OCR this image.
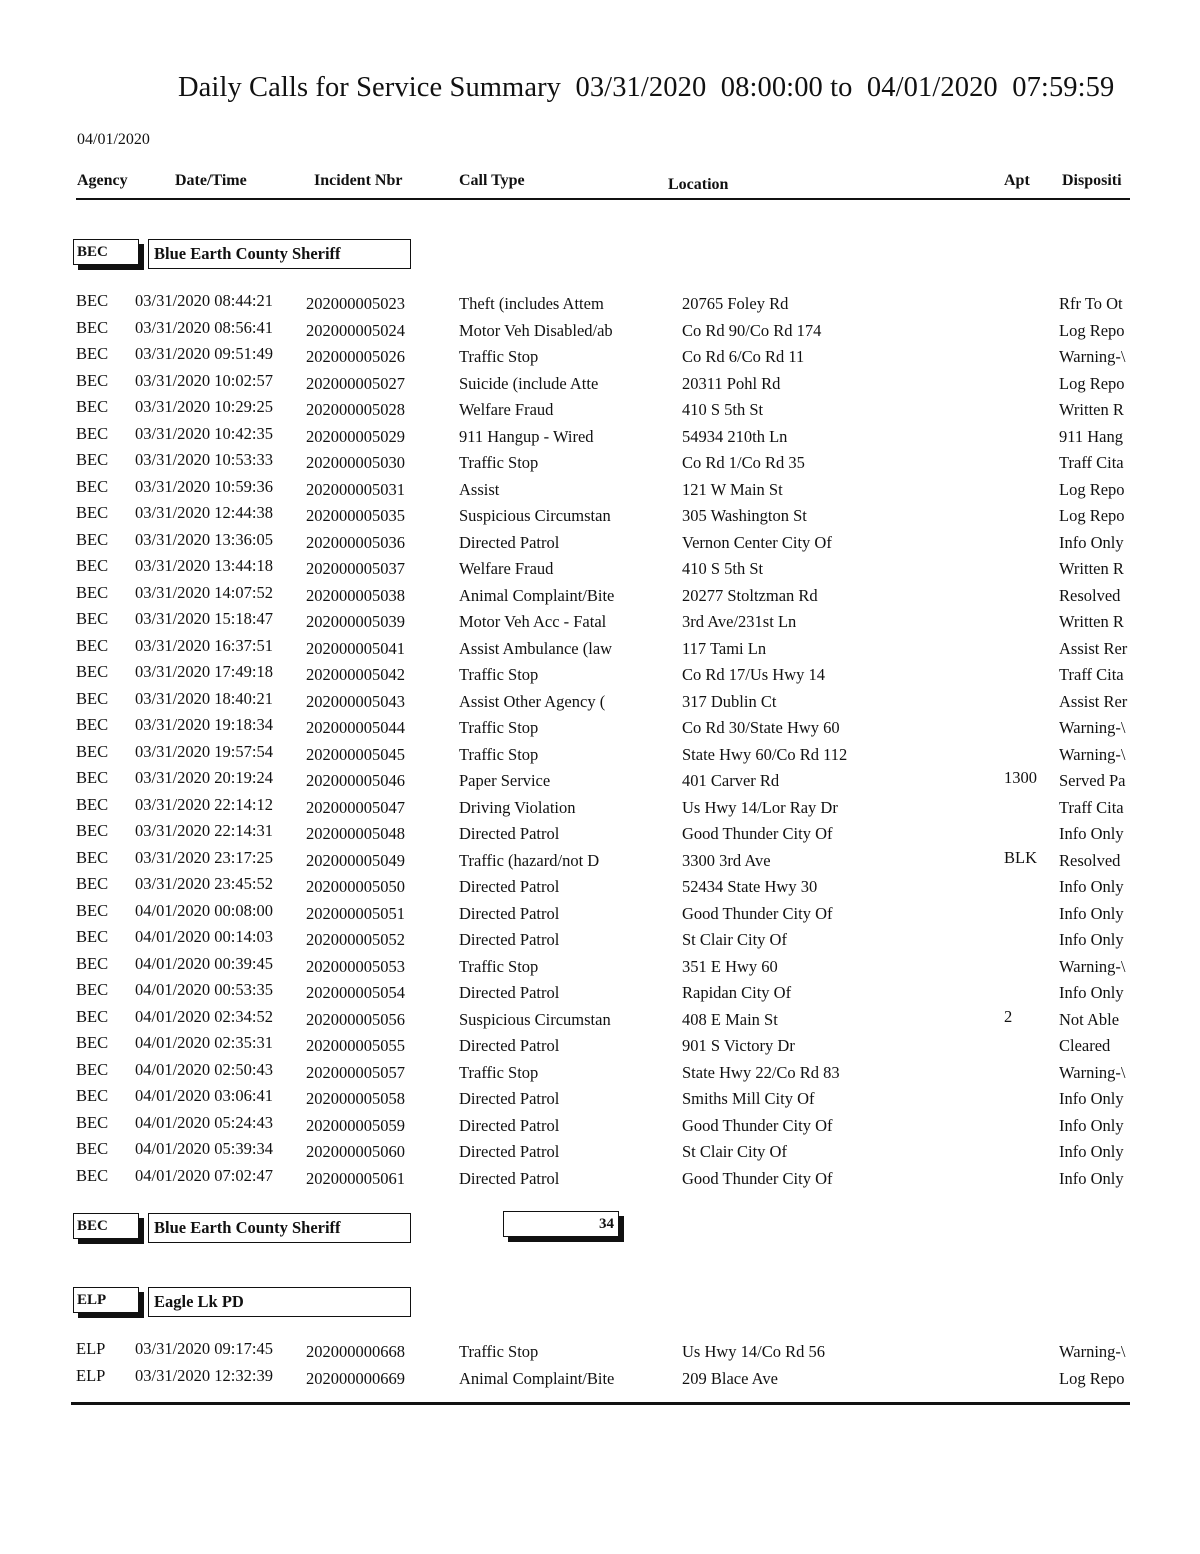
Daily Calls for Service Summary  03/31/2020  08:00:00 to  04/01/2020  07:59:59
04/01/2020
Agency	Date/Time	Incident Nbr	Call Type	Location	Apt Dispositi
BEC	Blue Earth County Sheriff
BEC 03/31/2020 08:44:21 202000005023	Theft (includes Attem	20765 Foley Rd	Rfr To Ot
BEC 03/31/2020 08:56:41 202000005024	Motor Veh Disabled/ab	Co Rd 90/Co Rd 174	Log Repo
BEC 03/31/2020 09:51:49 202000005026	Traffic Stop	Co Rd 6/Co Rd 11	Warning-\
BEC 03/31/2020 10:02:57 202000005027	Suicide (include Atte	20311 Pohl Rd	Log Repo
BEC 03/31/2020 10:29:25 202000005028	Welfare Fraud	410 S 5th St	Written R
BEC 03/31/2020 10:42:35 202000005029	911 Hangup - Wired	54934 210th Ln	911 Hang
BEC 03/31/2020 10:53:33 202000005030	Traffic Stop	Co Rd 1/Co Rd 35	Traff Cita
BEC 03/31/2020 10:59:36 202000005031	Assist	121 W Main St	Log Repo
BEC 03/31/2020 12:44:38 202000005035	Suspicious Circumstan	305 Washington St	Log Repo
BEC 03/31/2020 13:36:05 202000005036	Directed Patrol	Vernon Center City Of	Info Only
BEC 03/31/2020 13:44:18 202000005037	Welfare Fraud	410 S 5th St	Written R
BEC 03/31/2020 14:07:52 202000005038	Animal Complaint/Bite	20277 Stoltzman Rd	Resolved
BEC 03/31/2020 15:18:47 202000005039	Motor Veh Acc - Fatal	3rd Ave/231st Ln	Written R
BEC 03/31/2020 16:37:51 202000005041	Assist Ambulance (law	117 Tami Ln	Assist Rer
BEC 03/31/2020 17:49:18 202000005042	Traffic Stop	Co Rd 17/Us Hwy 14	Traff Cita
BEC 03/31/2020 18:40:21 202000005043	Assist Other Agency (	317 Dublin Ct	Assist Rer
BEC 03/31/2020 19:18:34 202000005044	Traffic Stop	Co Rd 30/State Hwy 60	Warning-\
BEC 03/31/2020 19:57:54 202000005045	Traffic Stop	State Hwy 60/Co Rd 112	Warning-\
BEC 03/31/2020 20:19:24 202000005046	Paper Service	401 Carver Rd	1300 Served Pa
BEC 03/31/2020 22:14:12 202000005047	Driving Violation	Us Hwy 14/Lor Ray Dr	Traff Cita
BEC 03/31/2020 22:14:31 202000005048	Directed Patrol	Good Thunder City Of	Info Only
BEC 03/31/2020 23:17:25 202000005049	Traffic (hazard/not D	3300 3rd Ave	BLK Resolved
BEC 03/31/2020 23:45:52 202000005050	Directed Patrol	52434 State Hwy 30	Info Only
BEC 04/01/2020 00:08:00 202000005051	Directed Patrol	Good Thunder City Of	Info Only
BEC 04/01/2020 00:14:03 202000005052	Directed Patrol	St Clair City Of	Info Only
BEC 04/01/2020 00:39:45 202000005053	Traffic Stop	351 E Hwy 60	Warning-\
BEC 04/01/2020 00:53:35 202000005054	Directed Patrol	Rapidan City Of	Info Only
BEC 04/01/2020 02:34:52 202000005056	Suspicious Circumstan	408 E Main St	2	Not Able
BEC 04/01/2020 02:35:31 202000005055	Directed Patrol	901 S Victory Dr	Cleared
BEC 04/01/2020 02:50:43 202000005057	Traffic Stop	State Hwy 22/Co Rd 83	Warning-\
BEC 04/01/2020 03:06:41 202000005058	Directed Patrol	Smiths Mill City Of	Info Only
BEC 04/01/2020 05:24:43 202000005059	Directed Patrol	Good Thunder City Of	Info Only
BEC 04/01/2020 05:39:34 202000005060	Directed Patrol	St Clair City Of	Info Only
BEC 04/01/2020 07:02:47 202000005061	Directed Patrol	Good Thunder City Of	Info Only
BEC	Blue Earth County Sheriff	34
ELP	Eagle Lk PD
ELP 03/31/2020 09:17:45 202000000668	Traffic Stop	Us Hwy 14/Co Rd 56	Warning-\
ELP 03/31/2020 12:32:39 202000000669	Animal Complaint/Bite	209 Blace Ave	Log Repo
